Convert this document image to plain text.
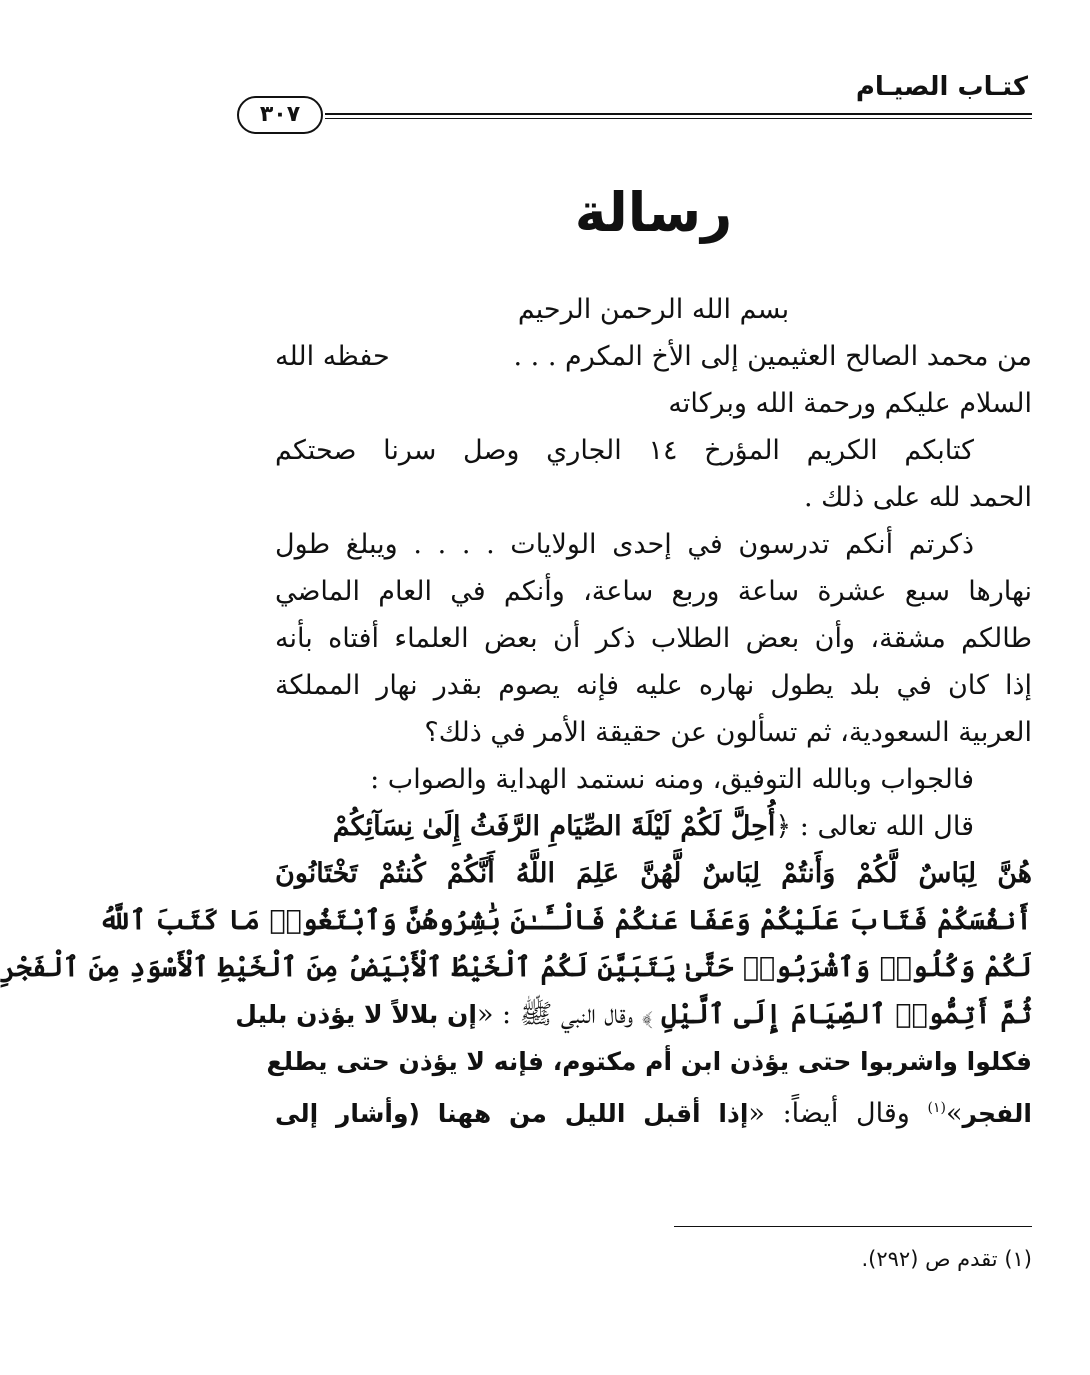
كتـاب الصيـام
٣٠٧
رسالة
بسم الله الرحمن الرحيم
من محمد الصالح العثيمين إلى الأخ المكرم . . .
حفظه الله
السلام عليكم ورحمة الله وبركاته
كتابكم الكريم المؤرخ ١٤ الجاري وصل سرنا صحتكم
الحمد لله على ذلك .
ذكرتم أنكم تدرسون في إحدى الولايات . . . . ويبلغ طول
نهارها سبع عشرة ساعة وربع ساعة، وأنكم في العام الماضي
طالكم مشقة، وأن بعض الطلاب ذكر أن بعض العلماء أفتاه بأنه
إذا كان في بلد يطول نهاره عليه فإنه يصوم بقدر نهار المملكة
العربية السعودية، ثم تسألون عن حقيقة الأمر في ذلك؟
فالجواب وبالله التوفيق، ومنه نستمد الهداية والصواب :
قال الله تعالى : ﴿أُحِلَّ لَكُمْ لَيْلَةَ الصِّيَامِ الرَّفَثُ إِلَىٰ نِسَآئِكُمْ
هُنَّ لِبَاسٌ لَّكُمْ وَأَنتُمْ لِبَاسٌ لَّهُنَّ عَلِمَ اللَّهُ أَنَّكُمْ كُنتُمْ تَخْتَانُونَ
أَنفُسَكُمْ فَتَابَ عَلَيْكُمْ وَعَفَا عَنكُمْ فَالْـَٔـٰنَ بَٰشِرُوهُنَّ وَٱبْتَغُوا۟ مَا كَتَبَ ٱللَّهُ
لَكُمْ وَكُلُوا۟ وَٱشْرَبُوا۟ حَتَّىٰ يَتَبَيَّنَ لَكُمُ ٱلْخَيْطُ ٱلْأَبْيَضُ مِنَ ٱلْخَيْطِ ٱلْأَسْوَدِ مِنَ ٱلْفَجْرِ
ثُمَّ أَتِمُّوا۟ ٱلصِّيَامَ إِلَى ٱلَّيْلِ ﴾ وقال النبي ﷺ : «إن بلالاً لا يؤذن بليل
فكلوا واشربوا حتى يؤذن ابن أم مكتوم، فإنه لا يؤذن حتى يطلع
الفجر»$^{(١)}$ وقال أيضاً: «إذا أقبل الليل من ههنا (وأشار إلى
(١) تقدم ص (٢٩٢).
